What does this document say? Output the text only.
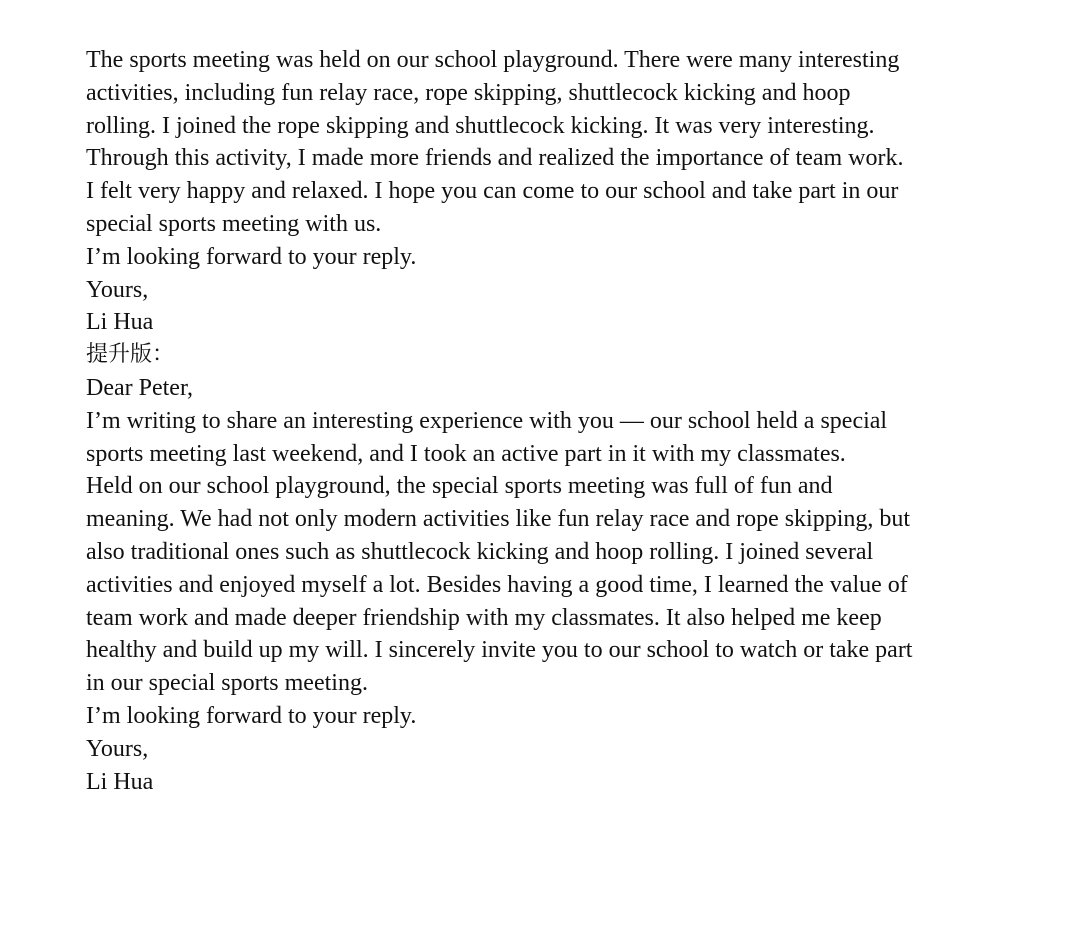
The sports meeting was held on our school playground. There were many interesting

activities, including fun relay race, rope skipping, shuttlecock kicking and hoop

rolling. I joined the rope skipping and shuttlecock kicking. It was very interesting.

Through this activity, I made more friends and realized the importance of team work.

I felt very happy and relaxed. I hope you can come to our school and take part in our

special sports meeting with us.

I’m looking forward to your reply.

Yours,

Li Hua

提升版：

Dear Peter,

I’m writing to share an interesting experience with you — our school held a special

sports meeting last weekend, and I took an active part in it with my classmates.

Held on our school playground, the special sports meeting was full of fun and

meaning. We had not only modern activities like fun relay race and rope skipping, but

also traditional ones such as shuttlecock kicking and hoop rolling. I joined several

activities and enjoyed myself a lot. Besides having a good time, I learned the value of

team work and made deeper friendship with my classmates. It also helped me keep

healthy and build up my will. I sincerely invite you to our school to watch or take part

in our special sports meeting.

I’m looking forward to your reply.

Yours,

Li Hua
